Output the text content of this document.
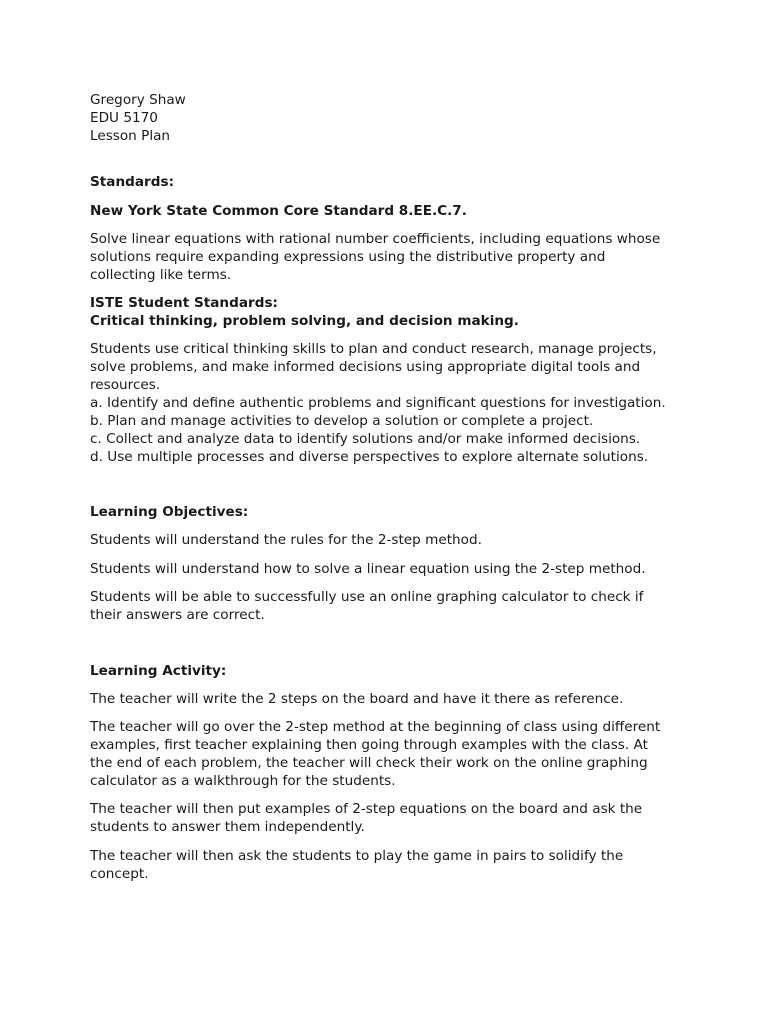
Gregory Shaw
EDU 5170
Lesson Plan
Standards:
New York State Common Core Standard 8.EE.C.7.
Solve linear equations with rational number coefficients, including equations whose
solutions require expanding expressions using the distributive property and
collecting like terms.
ISTE Student Standards:
Critical thinking, problem solving, and decision making.
Students use critical thinking skills to plan and conduct research, manage projects,
solve problems, and make informed decisions using appropriate digital tools and
resources.
a. Identify and define authentic problems and significant questions for investigation.
b. Plan and manage activities to develop a solution or complete a project.
c. Collect and analyze data to identify solutions and/or make informed decisions.
d. Use multiple processes and diverse perspectives to explore alternate solutions.
Learning Objectives:
Students will understand the rules for the 2-step method.
Students will understand how to solve a linear equation using the 2-step method.
Students will be able to successfully use an online graphing calculator to check if
their answers are correct.
Learning Activity:
The teacher will write the 2 steps on the board and have it there as reference.
The teacher will go over the 2-step method at the beginning of class using different
examples, first teacher explaining then going through examples with the class. At
the end of each problem, the teacher will check their work on the online graphing
calculator as a walkthrough for the students.
The teacher will then put examples of 2-step equations on the board and ask the
students to answer them independently.
The teacher will then ask the students to play the game in pairs to solidify the
concept.
